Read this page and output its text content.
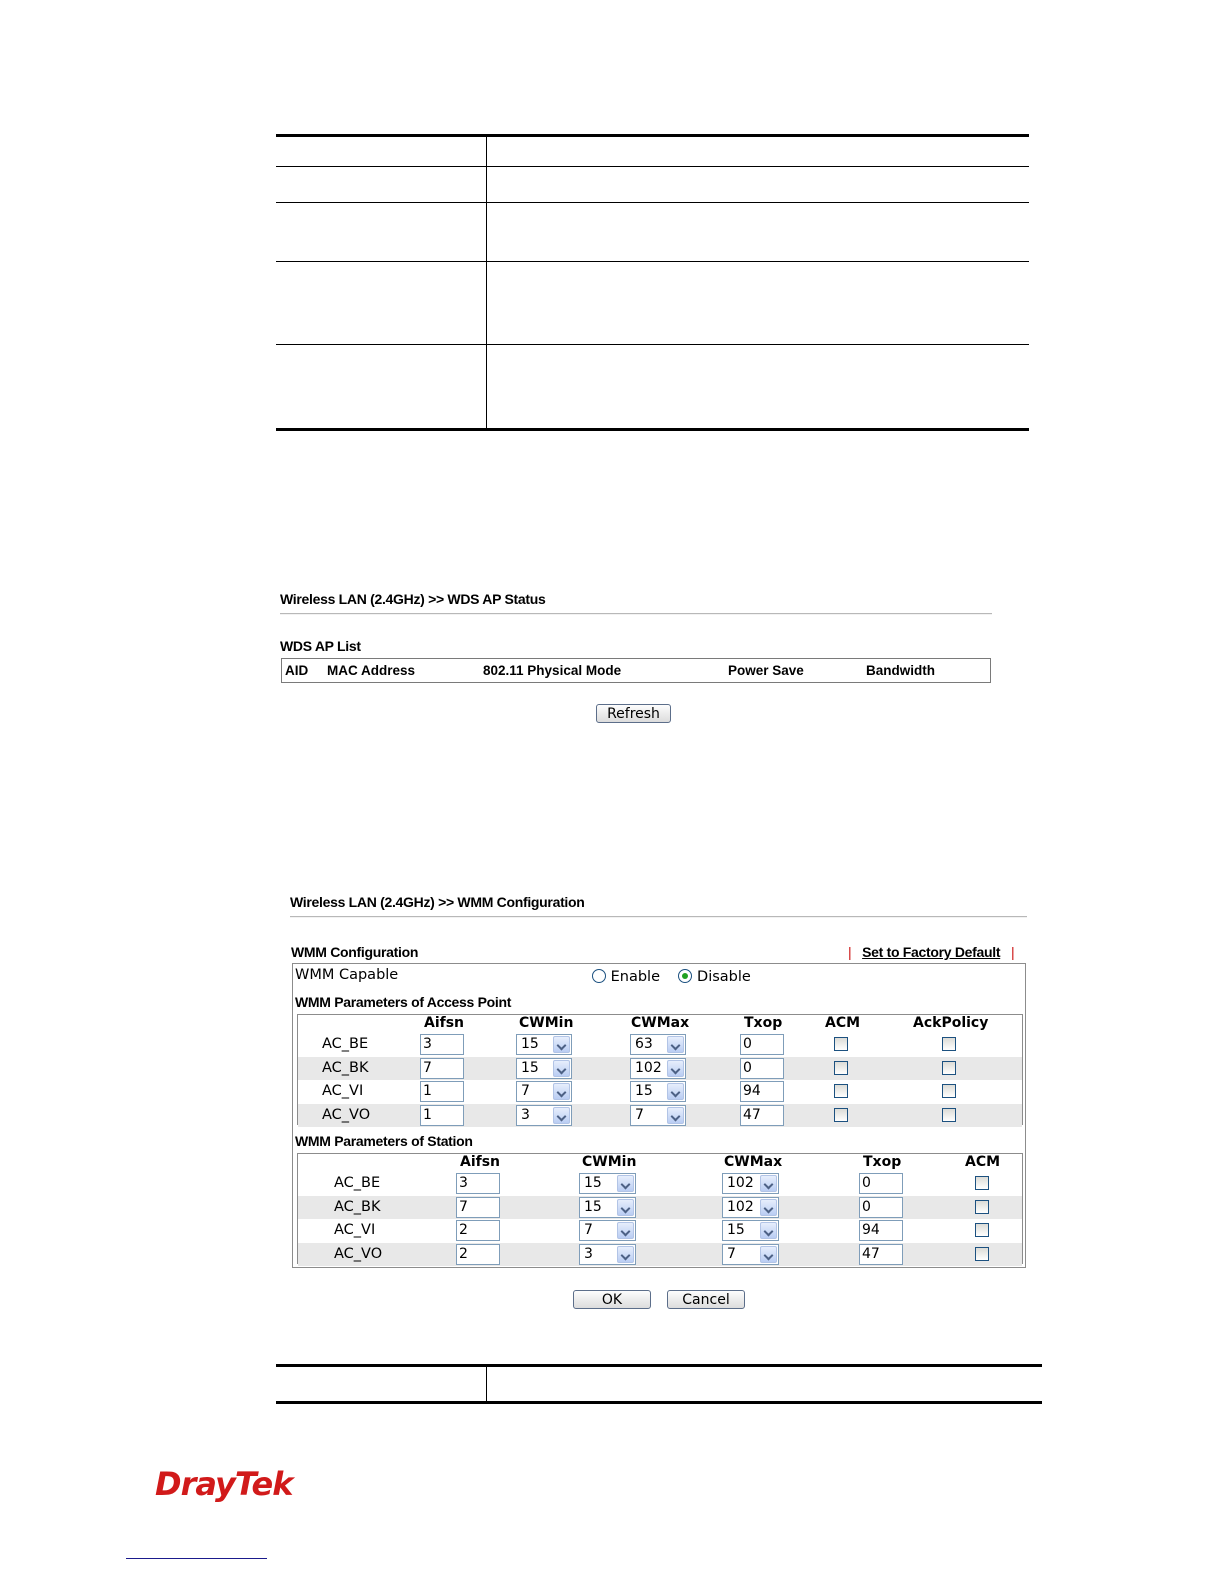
Wireless LAN (2.4GHz) >> WDS AP Status
WDS AP List
AID MAC Address	802.11 Physical Mode	Power Save	Bandwidth
Refresh
Wireless LAN (2.4GHz) >> WMM Configuration
WMM Configuration	| Set to Factory Default |
WMM Capable	Enable	Disable
WMM Parameters of Access Point
Aifsn	CWMin	CWMax	Txop	ACM	AckPolicy
AC_BE	3	15	63	0
AC_BK	7	15	102	0
AC_VI	1	7	15	94
AC_VO	1	3	7	47
WMM Parameters of Station
Aifsn	CWMin	CWMax	Txop	ACM
AC_BE	3	15	102	0
AC_BK	7	15	102	0
AC_VI	2	7	15	94
AC_VO	2	3	7	47
OK	Cancel
DrayTek
